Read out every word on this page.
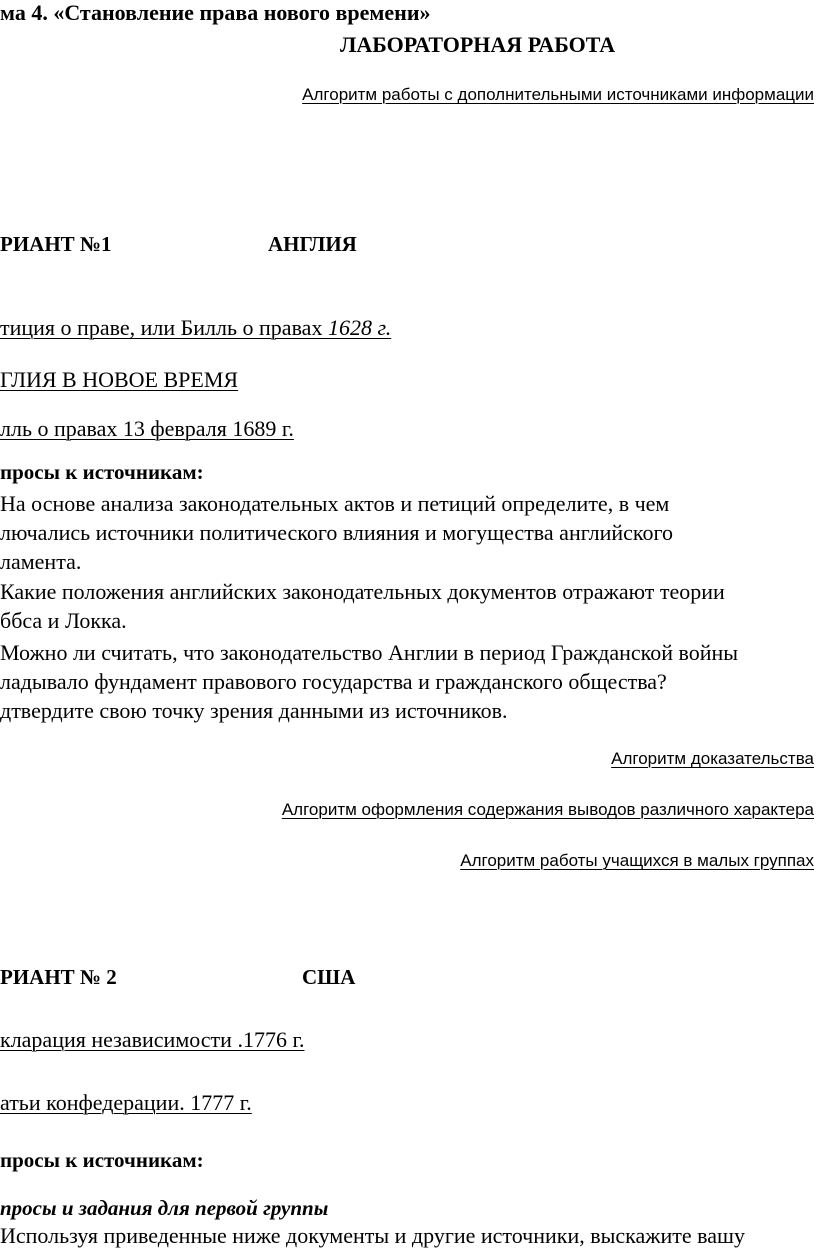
ма 4. «Становление права нового времени»
ЛАБОРАТОРНАЯ РАБОТА
Алгоритм работы с дополнительными источниками информации
РИАНТ №1	АНГЛИЯ
тиция о праве, или Билль о правах 1628 г.
ГЛИЯ В НОВОЕ ВРЕМЯ
лль о правах 13 февраля 1689 г.
просы к источникам:
На основе анализа законодательных актов и петиций определите, в чем
лючались источники политического влияния и могущества английского
ламента.
Какие положения английских законодательных документов отражают теории
ббса и Локка.
Можно ли считать, что законодательство Англии в период Гражданской войны
ладывало фундамент правового государства и гражданского общества?
дтвердите свою точку зрения данными из источников.
Алгоритм доказательства
Алгоритм оформления содержания выводов различного характера
Алгоритм работы учащихся в малых группах
РИАНТ № 2	США
кларация независимости .1776 г.
атьи конфедерации. 1777 г.
просы к источникам:
просы и задания для первой группы
Используя приведенные ниже документы и другие источники, выскажите вашу
